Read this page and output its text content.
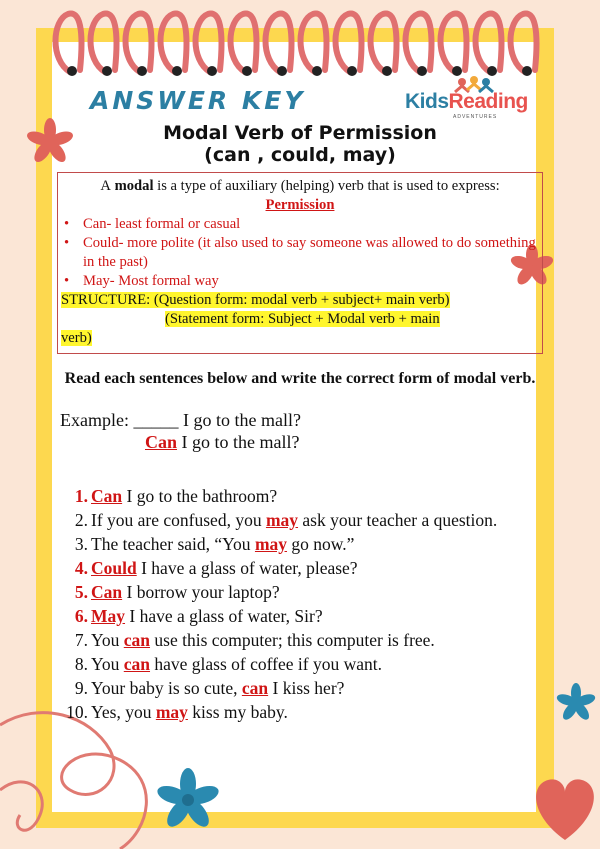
ANSWER KEY	KidsReading
ADVENTURES
Modal Verb of Permission
(can , could, may)

A modal is a type of auxiliary (helping) verb that is used to express: Permission

• Can- least formal or casual

• Could- more polite (it also used to say someone was allowed to do something in the past)

• May- Most formal way

STRUCTURE: (Question form: modal verb + subject+ main verb)
(Statement form: Subject + Modal verb + main
verb)

Read each sentences below and write the correct form of modal verb.

Example: _____ I go to the mall?

Can I go to the mall?

1. Can I go to the bathroom?

2. If you are confused, you may ask your teacher a question.

3. The teacher said, “You may go now.”

4. Could I have a glass of water, please?

5. Can I borrow your laptop?

6. May I have a glass of water, Sir?

7. You can use this computer; this computer is free.

8. You can have glass of coffee if you want.

9. Your baby is so cute, can I kiss her?

10. Yes, you may kiss my baby.
